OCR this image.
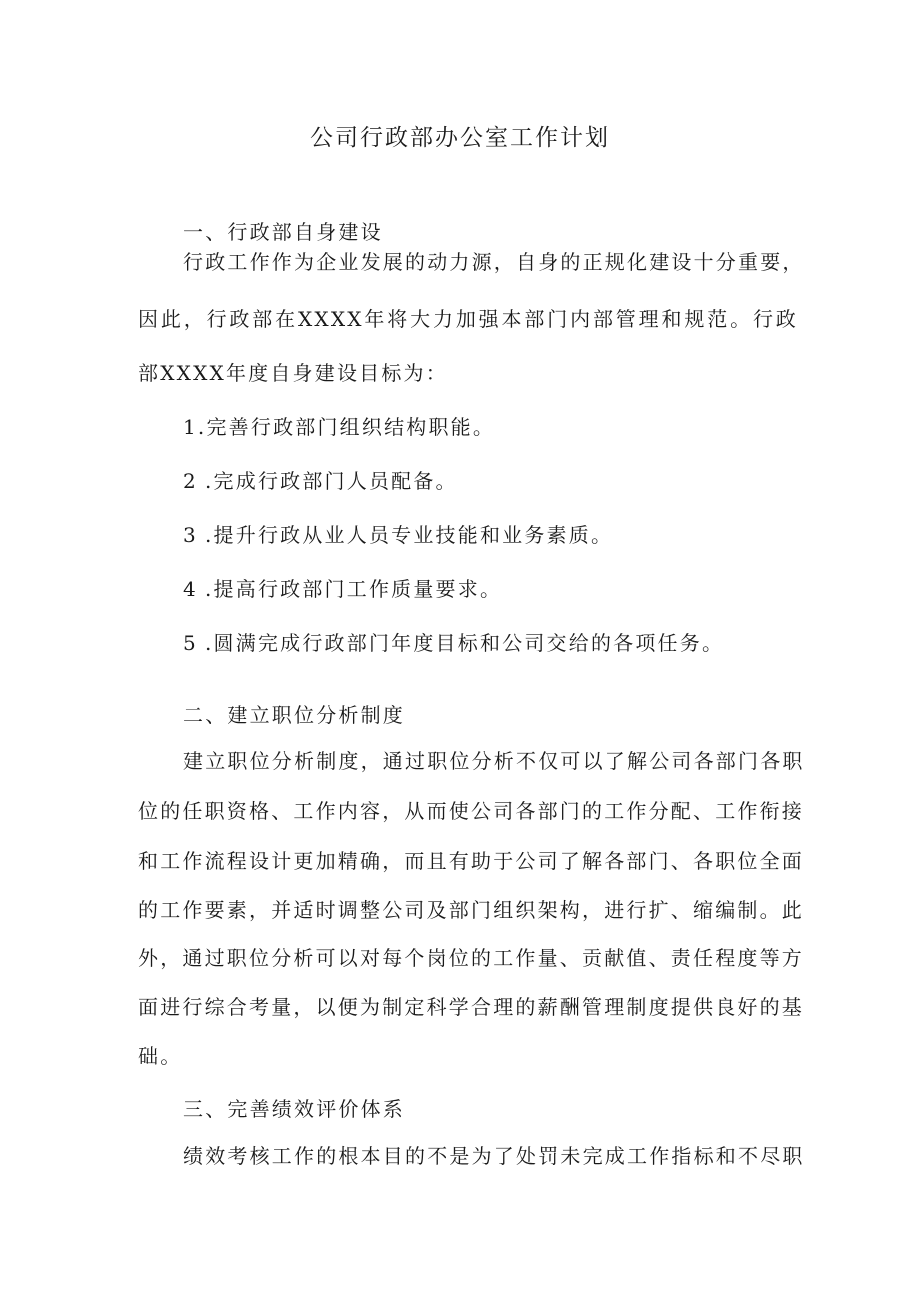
公司行政部办公室工作计划
一、行政部自身建设
行政工作作为企业发展的动力源，自身的正规化建设十分重要，
因此，行政部在XXXX年将大力加强本部门内部管理和规范。行政
部XXXX年度自身建设目标为：
1.完善行政部门组织结构职能。
2 .完成行政部门人员配备。
3 .提升行政从业人员专业技能和业务素质。
4 .提高行政部门工作质量要求。
5 .圆满完成行政部门年度目标和公司交给的各项任务。
二、建立职位分析制度
建立职位分析制度，通过职位分析不仅可以了解公司各部门各职
位的任职资格、工作内容，从而使公司各部门的工作分配、工作衔接
和工作流程设计更加精确，而且有助于公司了解各部门、各职位全面
的工作要素，并适时调整公司及部门组织架构，进行扩、缩编制。此
外，通过职位分析可以对每个岗位的工作量、贡献值、责任程度等方
面进行综合考量，以便为制定科学合理的薪酬管理制度提供良好的基
础。
三、完善绩效评价体系
绩效考核工作的根本目的不是为了处罚未完成工作指标和不尽职
